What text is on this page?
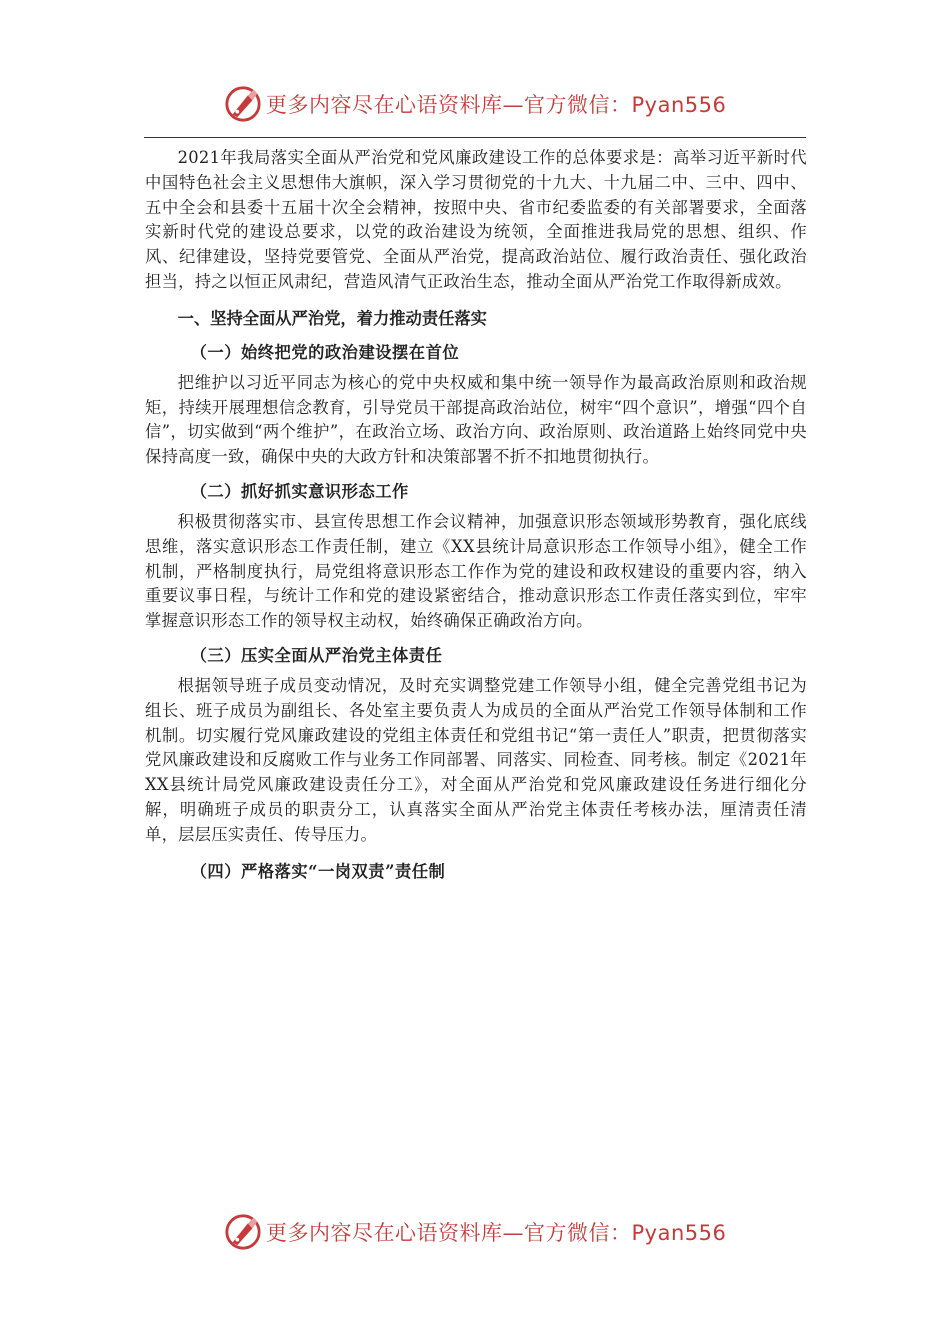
更多内容尽在心语资料库—官方微信：Pyan556

2021年我局落实全面从严治党和党风廉政建设工作的总体要求是：高举习近平新时代中国特色社会主义思想伟大旗帜，深入学习贯彻党的十九大、十九届二中、三中、四中、五中全会和县委十五届十次全会精神，按照中央、省市纪委监委的有关部署要求，全面落实新时代党的建设总要求，以党的政治建设为统领，全面推进我局党的思想、组织、作风、纪律建设，坚持党要管党、全面从严治党，提高政治站位、履行政治责任、强化政治担当，持之以恒正风肃纪，营造风清气正政治生态，推动全面从严治党工作取得新成效。

一、坚持全面从严治党，着力推动责任落实

（一）始终把党的政治建设摆在首位

把维护以习近平同志为核心的党中央权威和集中统一领导作为最高政治原则和政治规矩，持续开展理想信念教育，引导党员干部提高政治站位，树牢“四个意识”，增强“四个自信”，切实做到“两个维护”，在政治立场、政治方向、政治原则、政治道路上始终同党中央保持高度一致，确保中央的大政方针和决策部署不折不扣地贯彻执行。

（二）抓好抓实意识形态工作

积极贯彻落实市、县宣传思想工作会议精神，加强意识形态领域形势教育，强化底线思维，落实意识形态工作责任制，建立《XX县统计局意识形态工作领导小组》，健全工作机制，严格制度执行，局党组将意识形态工作作为党的建设和政权建设的重要内容，纳入重要议事日程，与统计工作和党的建设紧密结合，推动意识形态工作责任落实到位，牢牢掌握意识形态工作的领导权主动权，始终确保正确政治方向。

（三）压实全面从严治党主体责任

根据领导班子成员变动情况，及时充实调整党建工作领导小组，健全完善党组书记为组长、班子成员为副组长、各处室主要负责人为成员的全面从严治党工作领导体制和工作机制。切实履行党风廉政建设的党组主体责任和党组书记“第一责任人”职责，把贯彻落实党风廉政建设和反腐败工作与业务工作同部署、同落实、同检查、同考核。制定《2021年XX县统计局党风廉政建设责任分工》，对全面从严治党和党风廉政建设任务进行细化分解，明确班子成员的职责分工，认真落实全面从严治党主体责任考核办法，厘清责任清单，层层压实责任、传导压力。

（四）严格落实“一岗双责”责任制

更多内容尽在心语资料库—官方微信：Pyan556
